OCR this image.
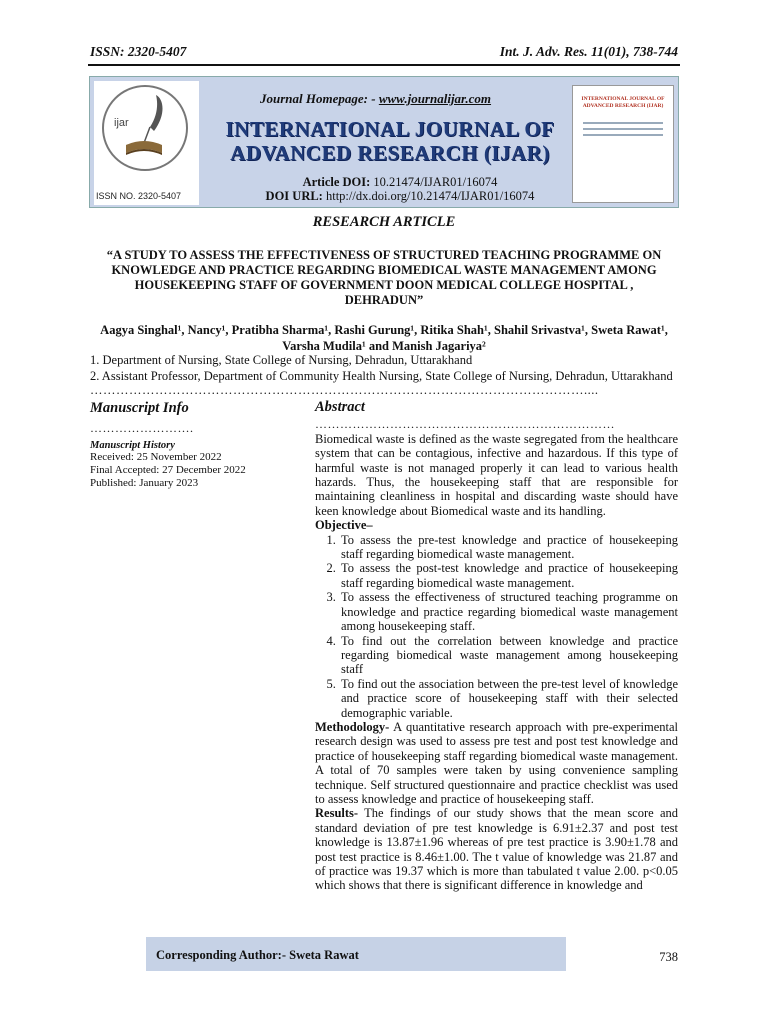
ISSN: 2320-5407	Int. J. Adv. Res. 11(01), 738-744
ijar
ISSN NO. 2320-5407
Journal Homepage: - www.journalijar.com
INTERNATIONAL JOURNAL OF
ADVANCED RESEARCH (IJAR)
Article DOI: 10.21474/IJAR01/16074
DOI URL: http://dx.doi.org/10.21474/IJAR01/16074
INTERNATIONAL JOURNAL OF ADVANCED RESEARCH (IJAR)
RESEARCH ARTICLE
“A STUDY TO ASSESS THE EFFECTIVENESS OF STRUCTURED TEACHING PROGRAMME ON KNOWLEDGE AND PRACTICE REGARDING BIOMEDICAL WASTE MANAGEMENT AMONG HOUSEKEEPING STAFF OF GOVERNMENT DOON MEDICAL COLLEGE HOSPITAL , DEHRADUN”
Aagya Singhal¹, Nancy¹, Pratibha Sharma¹, Rashi Gurung¹, Ritika Shah¹, Shahil Srivastva¹, Sweta Rawat¹,
Varsha Mudila¹ and Manish Jagariya²
1. Department of Nursing, State College of Nursing, Dehradun, Uttarakhand
2. Assistant Professor, Department of Community Health Nursing, State College of Nursing, Dehradun, Uttarakhand
……………………………………………………………………………………………………....
Manuscript Info
…………………….
Manuscript History
Received: 25 November 2022
Final Accepted: 27 December 2022
Published: January 2023
Abstract
………………………………………………………………

Biomedical waste is defined as the waste segregated from the healthcare system that can be contagious, infective and hazardous. If this type of harmful waste is not managed properly it can lead to various health hazards. Thus, the housekeeping staff that are responsible for maintaining cleanliness in hospital and discarding waste should have keen knowledge about Biomedical waste and its handling.

Objective–

1. To assess the pre-test knowledge and practice of housekeeping staff regarding biomedical waste management.
2. To assess the post-test knowledge and practice of housekeeping staff regarding biomedical waste management.
3. To assess the effectiveness of structured teaching programme on knowledge and practice regarding biomedical waste management among housekeeping staff.
4. To find out the correlation between knowledge and practice regarding biomedical waste management among housekeeping staff
5. To find out the association between the pre-test level of knowledge and practice score of housekeeping staff with their selected demographic variable.

Methodology- A quantitative research approach with pre-experimental research design was used to assess pre test and post test knowledge and practice of housekeeping staff regarding biomedical waste management. A total of 70 samples were taken by using convenience sampling technique. Self structured questionnaire and practice checklist was used to assess knowledge and practice of housekeeping staff.

Results- The findings of our study shows that the mean score and standard deviation of pre test knowledge is 6.91±2.37 and post test knowledge is 13.87±1.96 whereas of pre test practice is 3.90±1.78 and post test practice is 8.46±1.00. The t value of knowledge was 21.87 and of practice was 19.37 which is more than tabulated t value 2.00. p<0.05 which shows that there is significant difference in knowledge and

Corresponding Author:- Sweta Rawat	738
